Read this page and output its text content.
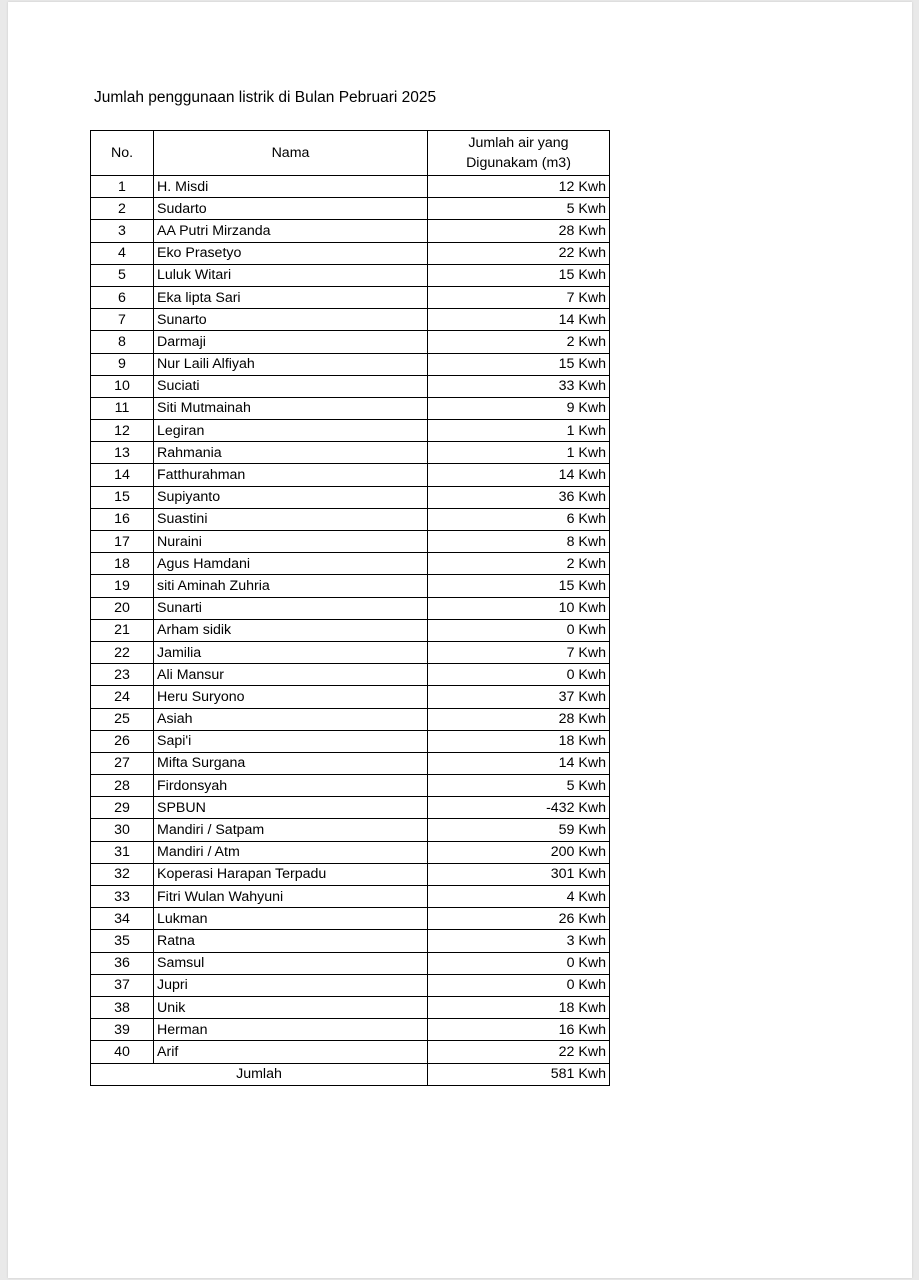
Jumlah penggunaan listrik di Bulan Pebruari 2025
No.	Nama	Jumlah air yang
Digunakam (m3)

1	H. Misdi	12 Kwh
2	Sudarto	5 Kwh
3	AA Putri Mirzanda	28 Kwh
4	Eko Prasetyo	22 Kwh
5	Luluk Witari	15 Kwh
6	Eka lipta Sari	7 Kwh
7	Sunarto	14 Kwh
8	Darmaji	2 Kwh
9	Nur Laili Alfiyah	15 Kwh
10	Suciati	33 Kwh
11	Siti Mutmainah	9 Kwh
12	Legiran	1 Kwh
13	Rahmania	1 Kwh
14	Fatthurahman	14 Kwh
15	Supiyanto	36 Kwh
16	Suastini	6 Kwh
17	Nuraini	8 Kwh
18	Agus Hamdani	2 Kwh
19	siti Aminah Zuhria	15 Kwh
20	Sunarti	10 Kwh
21	Arham sidik	0 Kwh
22	Jamilia	7 Kwh
23	Ali Mansur	0 Kwh
24	Heru Suryono	37 Kwh
25	Asiah	28 Kwh
26	Sapi'i	18 Kwh
27	Mifta Surgana	14 Kwh
28	Firdonsyah	5 Kwh
29	SPBUN	-432 Kwh
30	Mandiri / Satpam	59 Kwh
31	Mandiri / Atm	200 Kwh
32	Koperasi Harapan Terpadu	301 Kwh
33	Fitri Wulan Wahyuni	4 Kwh
34	Lukman	26 Kwh
35	Ratna	3 Kwh
36	Samsul	0 Kwh
37	Jupri	0 Kwh
38	Unik	18 Kwh
39	Herman	16 Kwh
40	Arif	22 Kwh
Jumlah		581 Kwh
